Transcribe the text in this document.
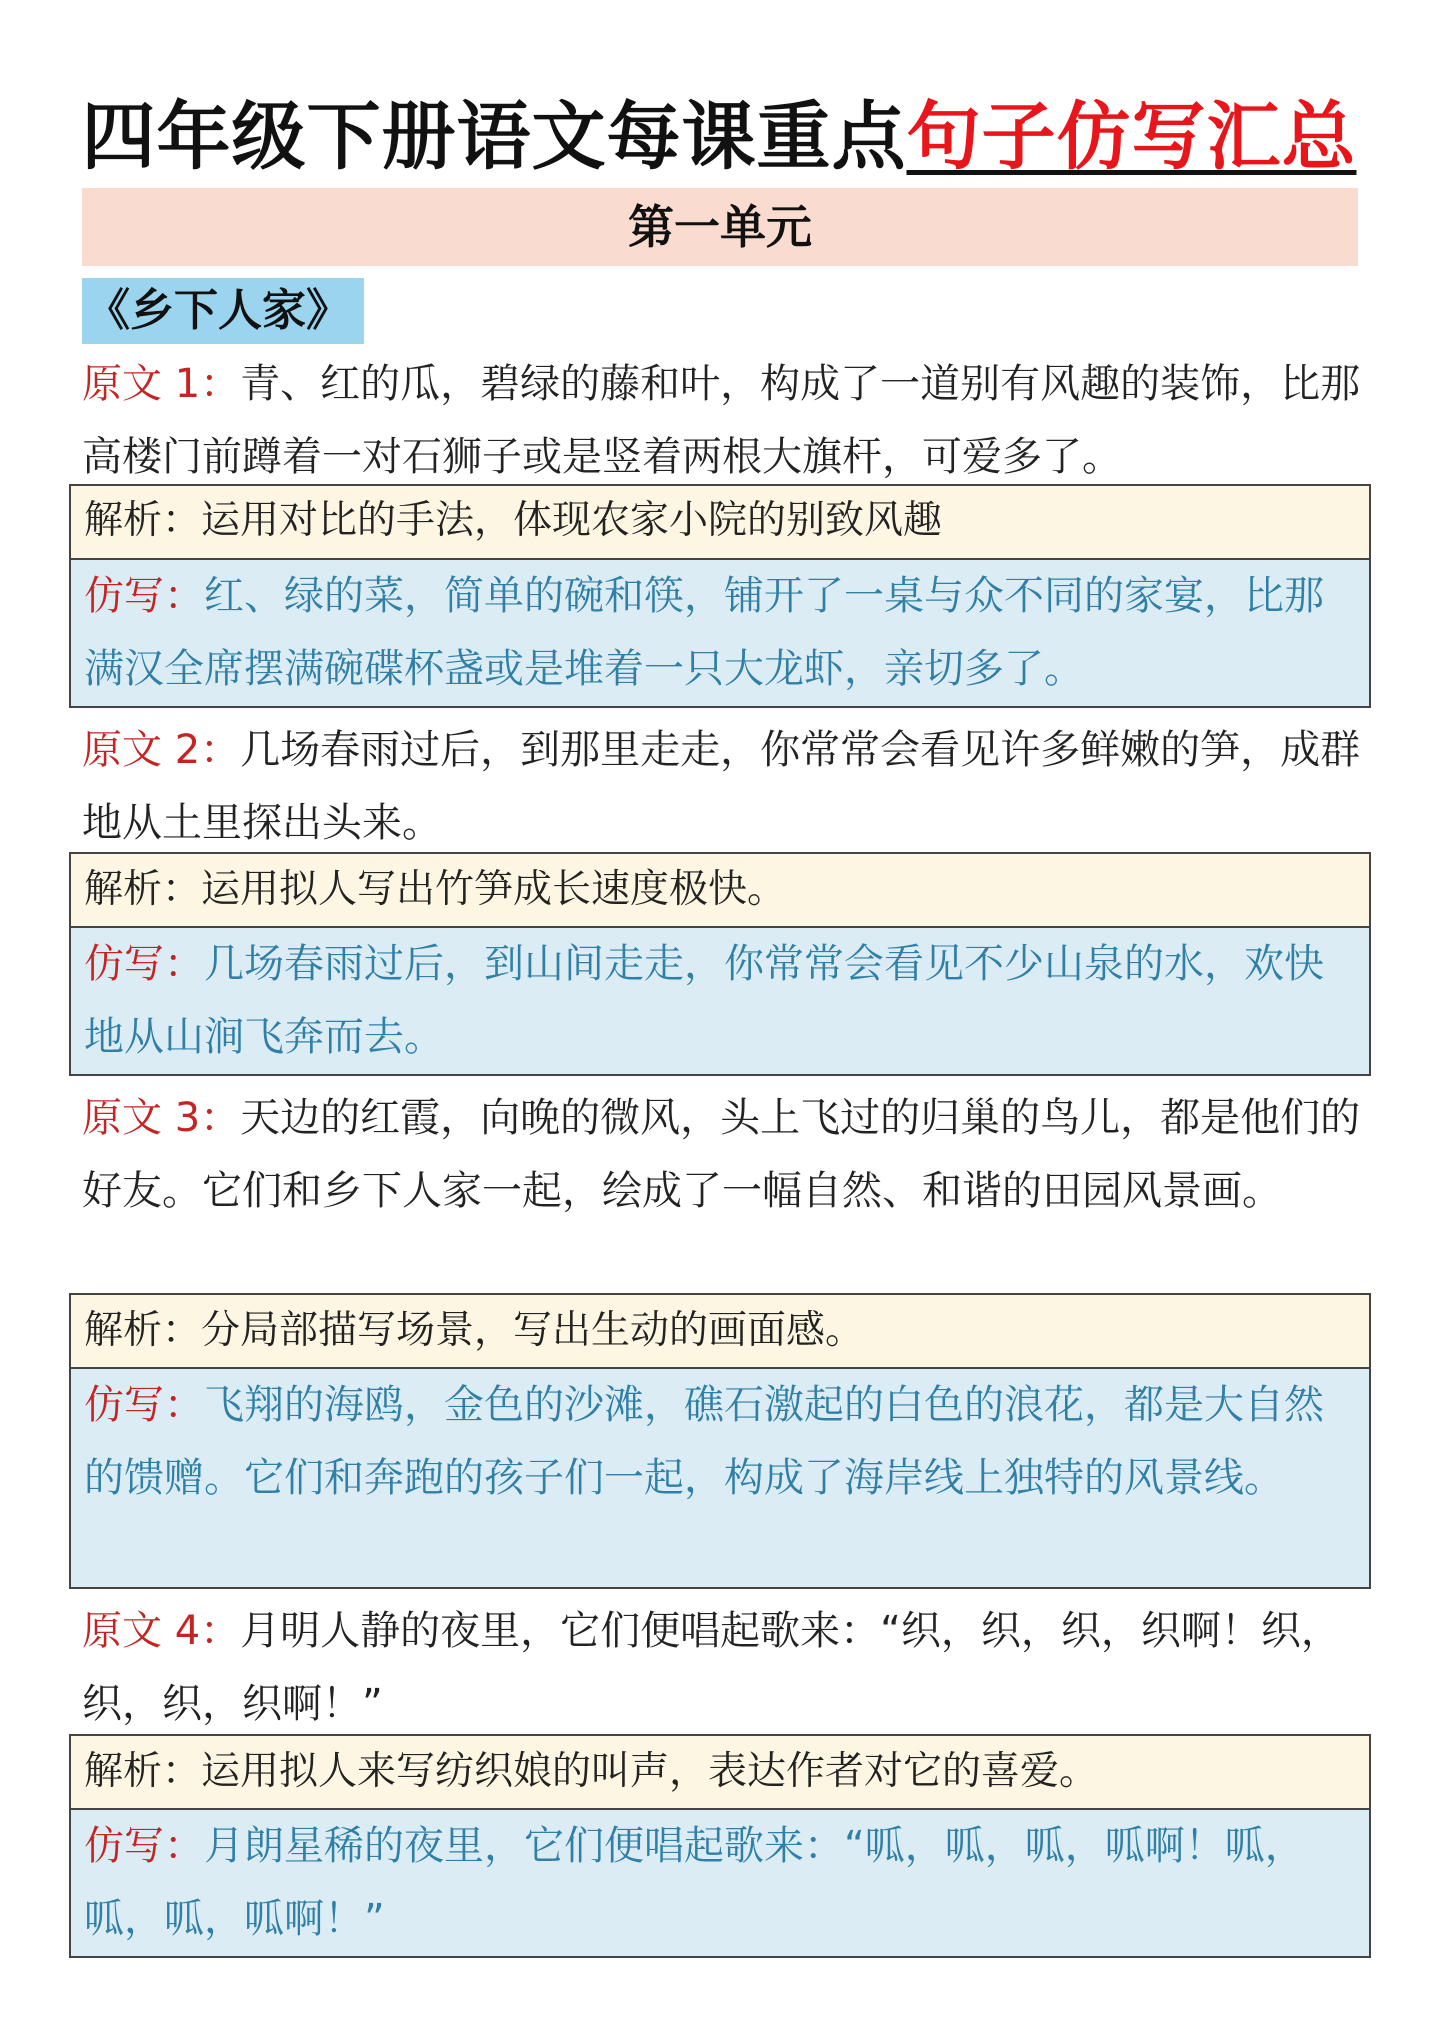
四年级下册语文每课重点句子仿写汇总
第一单元
《乡下人家》
原文 1：青、红的瓜，碧绿的藤和叶，构成了一道别有风趣的装饰，比那高楼门前蹲着一对石狮子或是竖着两根大旗杆，可爱多了。
解析：运用对比的手法，体现农家小院的别致风趣
仿写：红、绿的菜，简单的碗和筷，铺开了一桌与众不同的家宴，比那满汉全席摆满碗碟杯盏或是堆着一只大龙虾，亲切多了。
原文 2：几场春雨过后，到那里走走，你常常会看见许多鲜嫩的笋，成群地从土里探出头来。
解析：运用拟人写出竹笋成长速度极快。
仿写：几场春雨过后，到山间走走，你常常会看见不少山泉的水，欢快地从山涧飞奔而去。
原文 3：天边的红霞，向晚的微风，头上飞过的归巢的鸟儿，都是他们的好友。它们和乡下人家一起，绘成了一幅自然、和谐的田园风景画。
解析：分局部描写场景，写出生动的画面感。
仿写：飞翔的海鸥，金色的沙滩，礁石激起的白色的浪花，都是大自然的馈赠。它们和奔跑的孩子们一起，构成了海岸线上独特的风景线。
原文 4：月明人静的夜里，它们便唱起歌来：“织，织，织，织啊！织，织，织，织啊！”
解析：运用拟人来写纺织娘的叫声，表达作者对它的喜爱。
仿写：月朗星稀的夜里，它们便唱起歌来：“呱，呱，呱，呱啊！呱，呱，呱，呱啊！”
